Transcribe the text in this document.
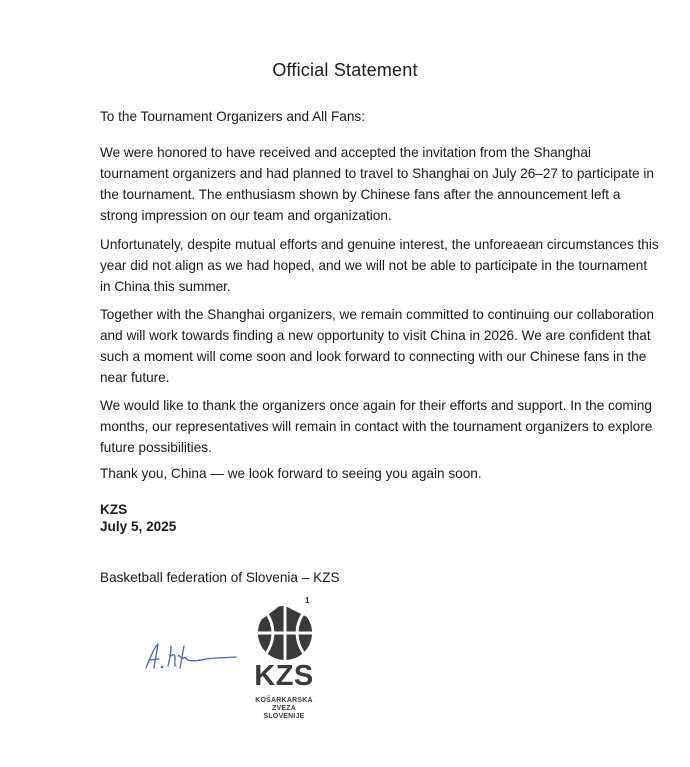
Official Statement

To the Tournament Organizers and All Fans:

We were honored to have received and accepted the invitation from the Shanghai tournament organizers and had planned to travel to Shanghai on July 26–27 to participate in the tournament. The enthusiasm shown by Chinese fans after the announcement left a strong impression on our team and organization.

Unfortunately, despite mutual efforts and genuine interest, the unforeaean circumstances this year did not align as we had hoped, and we will not be able to participate in the tournament in China this summer.

Together with the Shanghai organizers, we remain committed to continuing our collaboration and will work towards finding a new opportunity to visit China in 2026. We are confident that such a moment will come soon and look forward to connecting with our Chinese fans in the near future.

We would like to thank the organizers once again for their efforts and support. In the coming months, our representatives will remain in contact with the tournament organizers to explore future possibilities.

Thank you, China — we look forward to seeing you again soon.

KZS

July 5, 2025

Basketball federation of Slovenia – KZS

1
KZS
KOŠARKARSKA
ZVEZA
SLOVENIJE
